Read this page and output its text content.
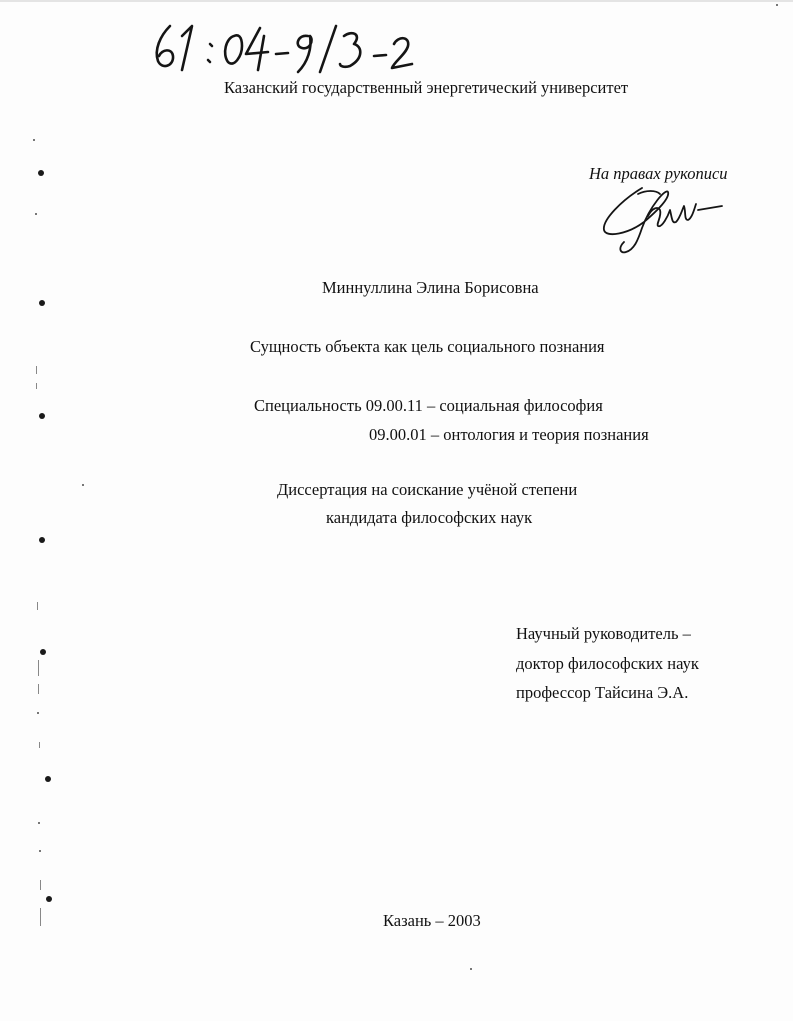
Казанский государственный энергетический университет
На правах рукописи
Миннуллина Элина Борисовна
Сущность объекта как цель социального познания
Специальность 09.00.11 – социальная философия
09.00.01 – онтология и теория познания
Диссертация на соискание учёной степени
кандидата философских наук
Научный руководитель –
доктор философских наук
профессор Тайсина Э.А.
Казань – 2003
